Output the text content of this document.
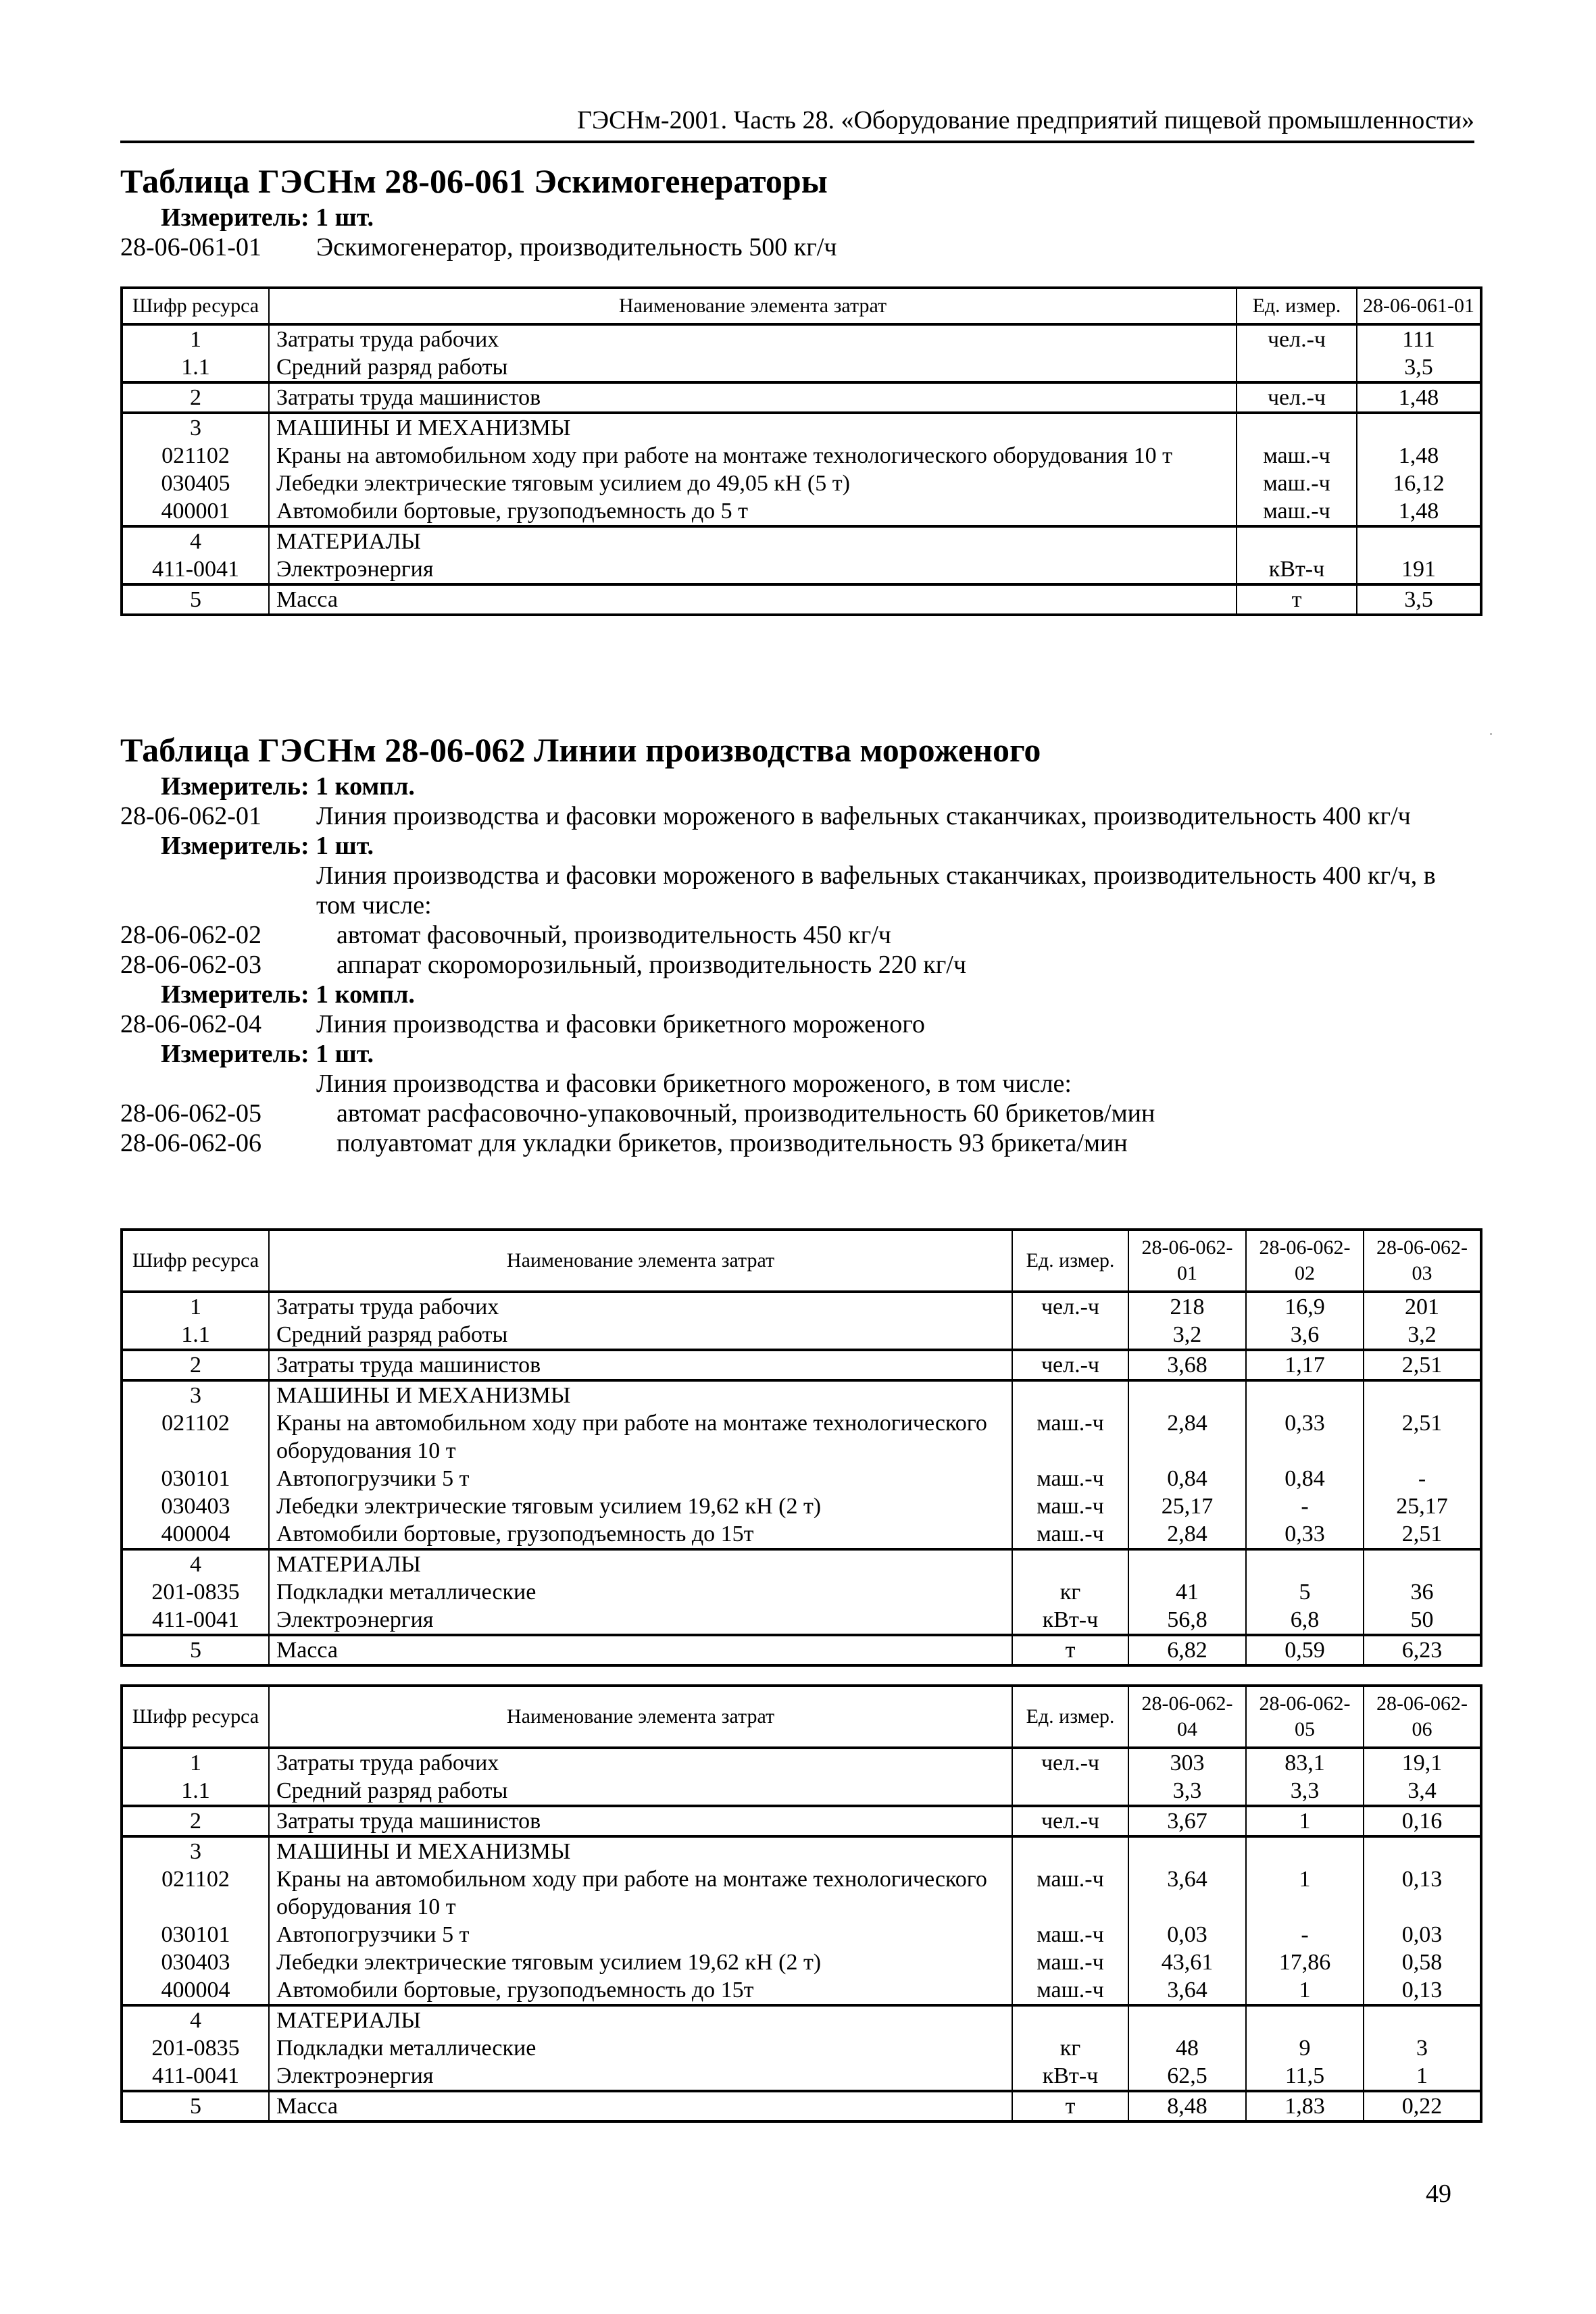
ГЭСНм-2001. Часть 28. «Оборудование предприятий пищевой промышленности»
Таблица ГЭСНм 28-06-061 Эскимогенераторы
Измеритель: 1 шт.
28-06-061-01	Эскимогенератор, производительность 500 кг/ч
Шифр ресурса	Наименование элемента затрат	Ед. измер.	28-06-061-01
1	Затраты труда рабочих	чел.-ч	111
1.1	Средний разряд работы		3,5
2	Затраты труда машинистов	чел.-ч	1,48
3	МАШИНЫ И МЕХАНИЗМЫ		
021102	Краны на автомобильном ходу при работе на монтаже технологического оборудования 10 т	маш.-ч	1,48
030405	Лебедки электрические тяговым усилием до 49,05 кН (5 т)	маш.-ч	16,12
400001	Автомобили бортовые, грузоподъемность до 5 т	маш.-ч	1,48
4	МАТЕРИАЛЫ		
411-0041	Электроэнергия	кВт-ч	191
5	Масса	т	3,5
Таблица ГЭСНм 28-06-062 Линии производства мороженого
Измеритель: 1 компл.
28-06-062-01	Линия производства и фасовки мороженого в вафельных стаканчиках, производительность 400 кг/ч
Измеритель: 1 шт.
Линия производства и фасовки мороженого в вафельных стаканчиках, производительность 400 кг/ч, в том числе:
28-06-062-02	автомат фасовочный, производительность 450 кг/ч
28-06-062-03	аппарат скороморозильный, производительность 220 кг/ч
Измеритель: 1 компл.
28-06-062-04	Линия производства и фасовки брикетного мороженого
Измеритель: 1 шт.
Линия производства и фасовки брикетного мороженого, в том числе:
28-06-062-05	автомат расфасовочно-упаковочный, производительность 60 брикетов/мин
28-06-062-06	полуавтомат для укладки брикетов, производительность 93 брикета/мин
Шифр ресурса	Наименование элемента затрат	Ед. измер.	28-06-062-01	28-06-062-02	28-06-062-03
1	Затраты труда рабочих	чел.-ч	218	16,9	201
1.1	Средний разряд работы		3,2	3,6	3,2
2	Затраты труда машинистов	чел.-ч	3,68	1,17	2,51
3	МАШИНЫ И МЕХАНИЗМЫ				
021102	Краны на автомобильном ходу при работе на монтаже технологического оборудования 10 т	маш.-ч	2,84	0,33	2,51
030101	Автопогрузчики 5 т	маш.-ч	0,84	0,84	-
030403	Лебедки электрические тяговым усилием 19,62 кН (2 т)	маш.-ч	25,17	-	25,17
400004	Автомобили бортовые, грузоподъемность до 15т	маш.-ч	2,84	0,33	2,51
4	МАТЕРИАЛЫ				
201-0835	Подкладки металлические	кг	41	5	36
411-0041	Электроэнергия	кВт-ч	56,8	6,8	50
5	Масса	т	6,82	0,59	6,23
Шифр ресурса	Наименование элемента затрат	Ед. измер.	28-06-062-04	28-06-062-05	28-06-062-06
1	Затраты труда рабочих	чел.-ч	303	83,1	19,1
1.1	Средний разряд работы		3,3	3,3	3,4
2	Затраты труда машинистов	чел.-ч	3,67	1	0,16
3	МАШИНЫ И МЕХАНИЗМЫ				
021102	Краны на автомобильном ходу при работе на монтаже технологического оборудования 10 т	маш.-ч	3,64	1	0,13
030101	Автопогрузчики 5 т	маш.-ч	0,03	-	0,03
030403	Лебедки электрические тяговым усилием 19,62 кН (2 т)	маш.-ч	43,61	17,86	0,58
400004	Автомобили бортовые, грузоподъемность до 15т	маш.-ч	3,64	1	0,13
4	МАТЕРИАЛЫ				
201-0835	Подкладки металлические	кг	48	9	3
411-0041	Электроэнергия	кВт-ч	62,5	11,5	1
5	Масса	т	8,48	1,83	0,22
49
